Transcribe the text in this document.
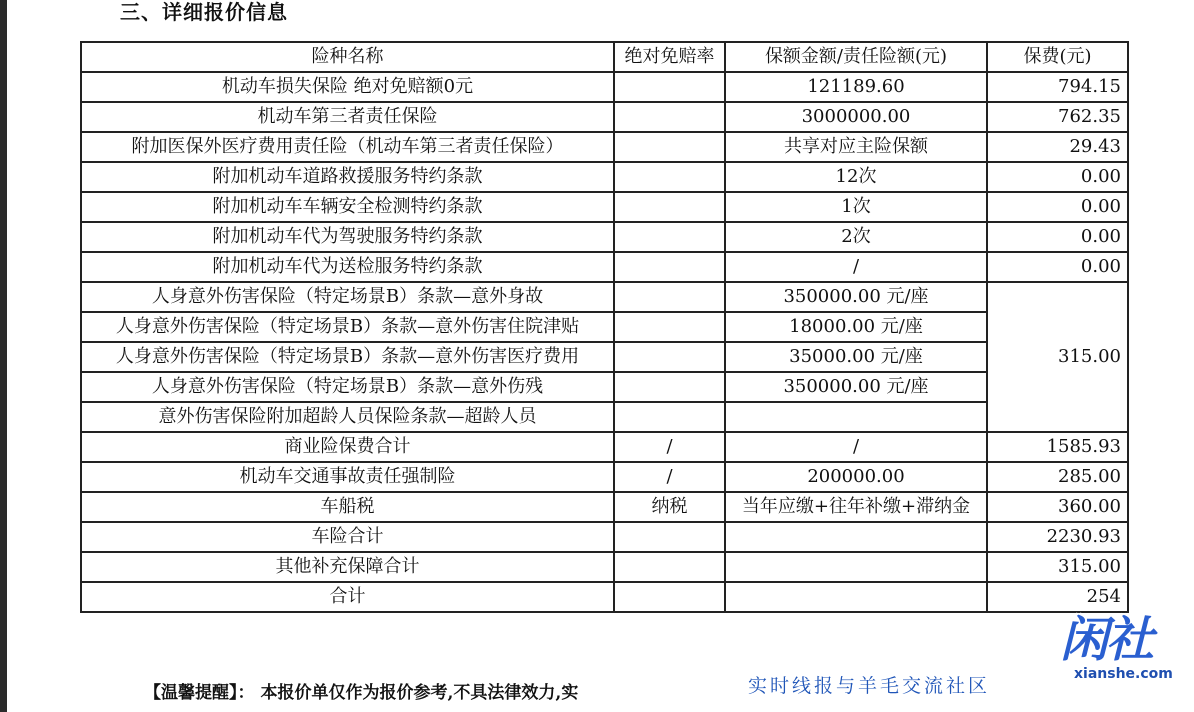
三、详细报价信息
险种名称	绝对免赔率	保额金额/责任险额(元)	保费(元)
机动车损失保险 绝对免赔额0元		121189.60	794.15
机动车第三者责任保险		3000000.00	762.35
附加医保外医疗费用责任险（机动车第三者责任保险）		共享对应主险保额	29.43
附加机动车道路救援服务特约条款		12次	0.00
附加机动车车辆安全检测特约条款		1次	0.00
附加机动车代为驾驶服务特约条款		2次	0.00
附加机动车代为送检服务特约条款		/	0.00
人身意外伤害保险（特定场景B）条款—意外身故		350000.00 元/座	315.00
人身意外伤害保险（特定场景B）条款—意外伤害住院津贴		18000.00 元/座	
人身意外伤害保险（特定场景B）条款—意外伤害医疗费用		35000.00 元/座	
人身意外伤害保险（特定场景B）条款—意外伤残		350000.00 元/座	
意外伤害保险附加超龄人员保险条款—超龄人员			
商业险保费合计	/	/	1585.93
机动车交通事故责任强制险	/	200000.00	285.00
车船税	纳税	当年应缴+往年补缴+滞纳金	360.00
车险合计			2230.93
其他补充保障合计			315.00
合计			254
【温馨提醒】： 本报价单仅作为报价参考,不具法律效力,实	实时线报与羊毛交流社区
闲社
xianshe.com
